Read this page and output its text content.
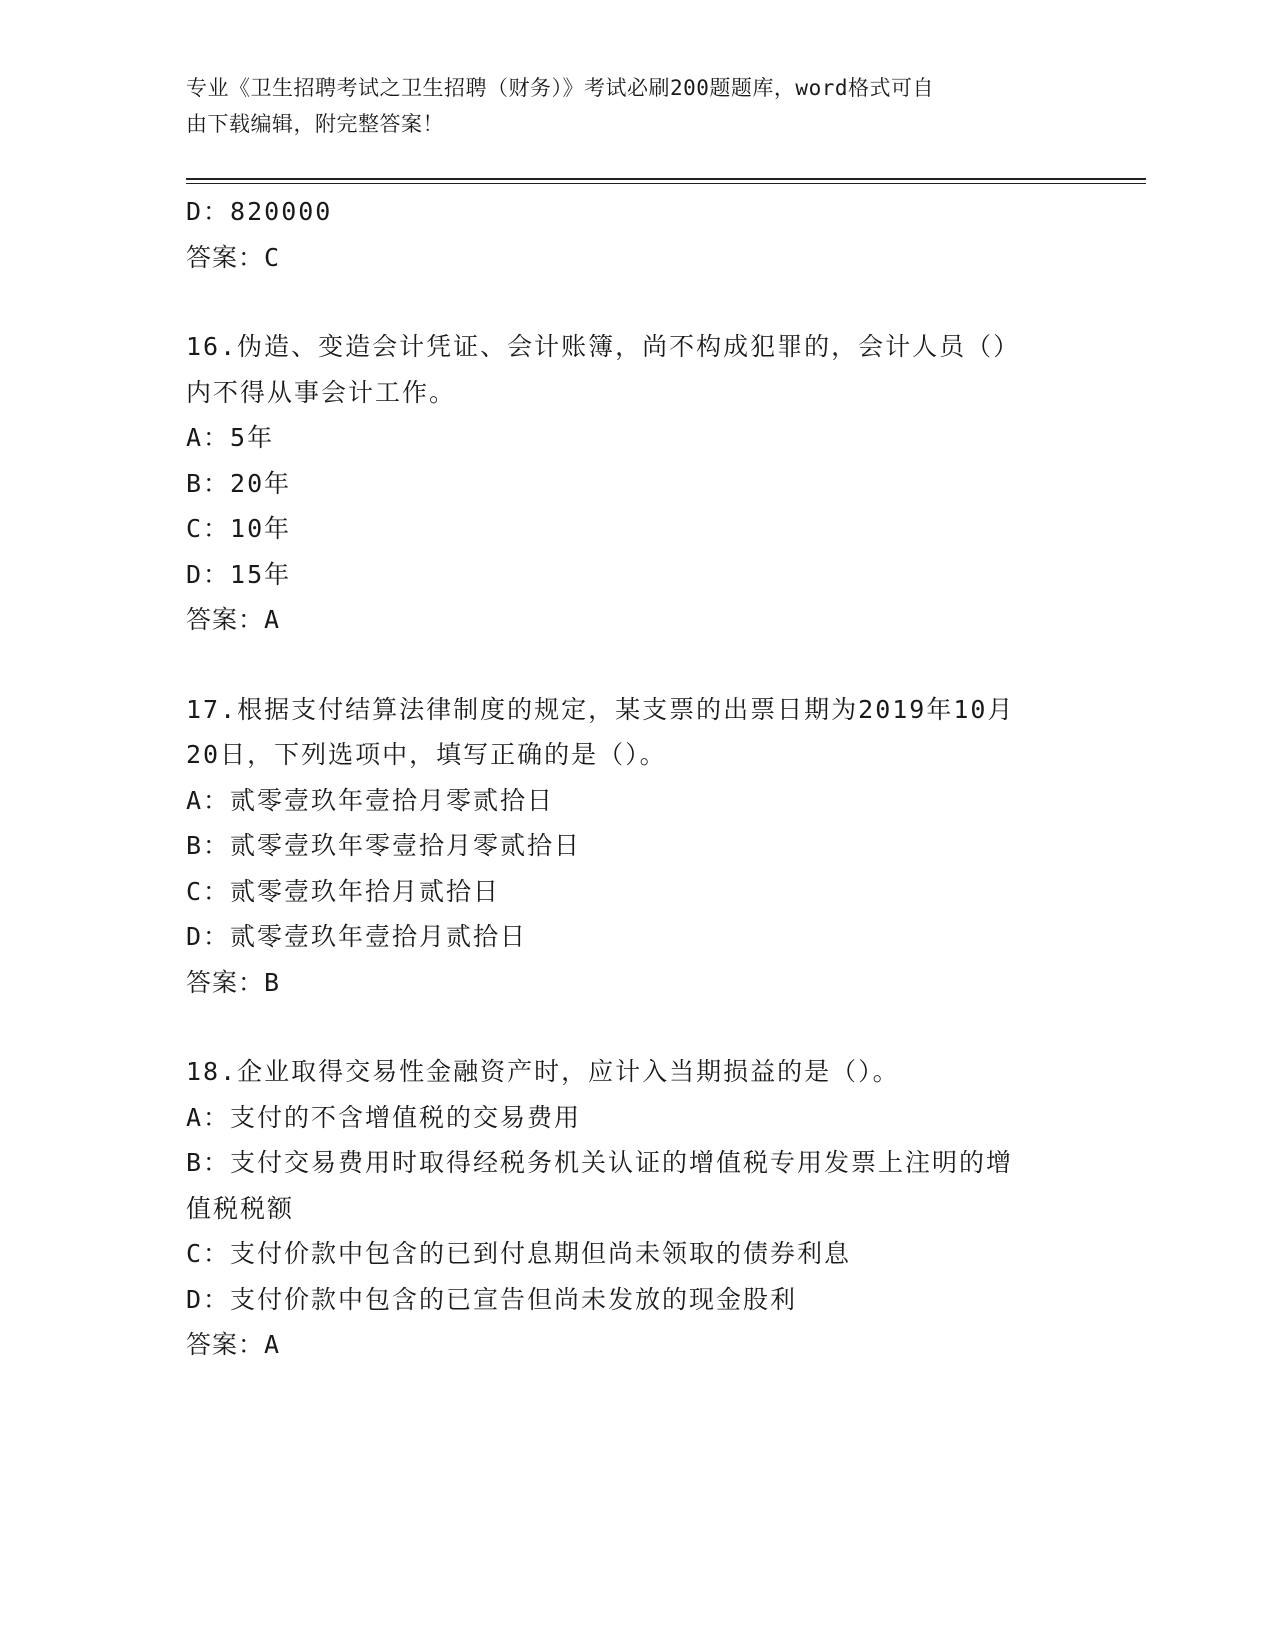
专业《卫生招聘考试之卫生招聘（财务）》考试必刷200题题库，word格式可自
由下载编辑，附完整答案！

D：820000

答案：C

16.伪造、变造会计凭证、会计账簿，尚不构成犯罪的，会计人员（）

内不得从事会计工作。

A：5年

B：20年

C：10年

D：15年

答案：A

17.根据支付结算法律制度的规定，某支票的出票日期为2019年10月

20日，下列选项中，填写正确的是（）。

A：贰零壹玖年壹拾月零贰拾日

B：贰零壹玖年零壹拾月零贰拾日

C：贰零壹玖年拾月贰拾日

D：贰零壹玖年壹拾月贰拾日

答案：B

18.企业取得交易性金融资产时，应计入当期损益的是（）。

A：支付的不含增值税的交易费用

B：支付交易费用时取得经税务机关认证的增值税专用发票上注明的增

值税税额

C：支付价款中包含的已到付息期但尚未领取的债券利息

D：支付价款中包含的已宣告但尚未发放的现金股利

答案：A
